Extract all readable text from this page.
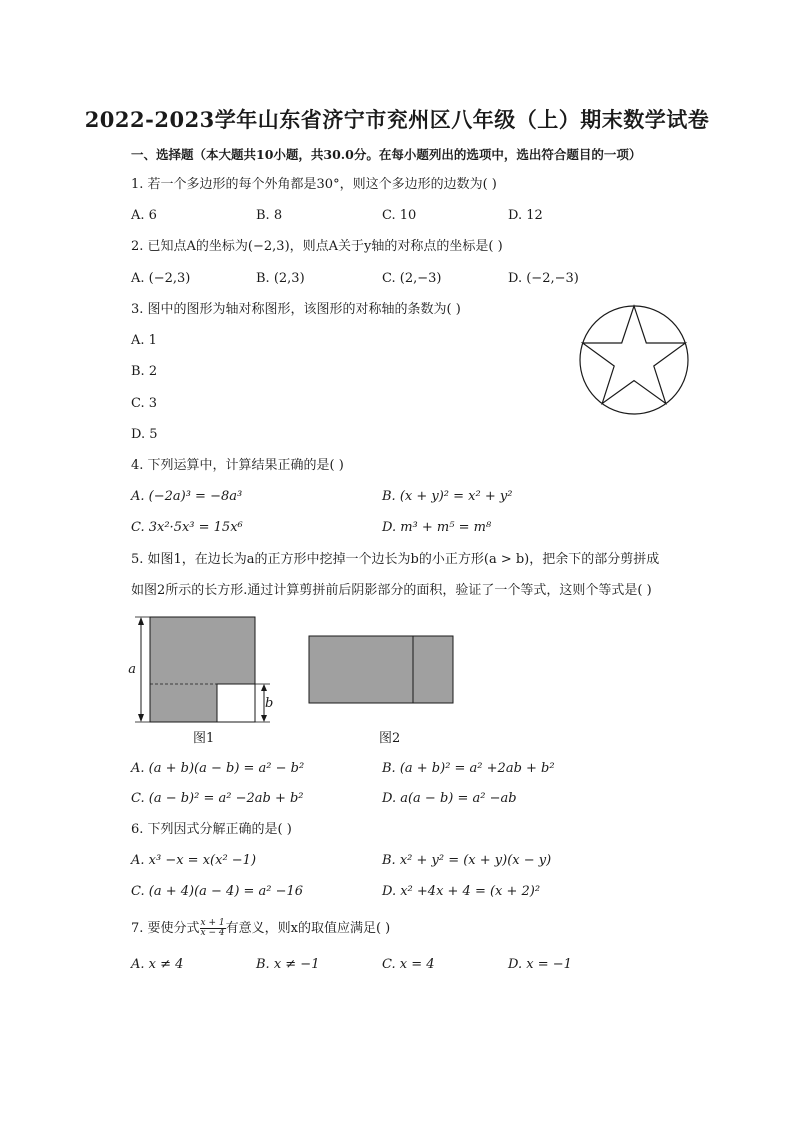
2022-2023学年山东省济宁市兖州区八年级（上）期末数学试卷
一、选择题（本大题共10小题，共30.0分。在每小题列出的选项中，选出符合题目的一项）
1. 若一个多边形的每个外角都是30°，则这个多边形的边数为( )
A. 6	B. 8	C. 10	D. 12
2. 已知点A的坐标为(−2,3)，则点A关于y轴的对称点的坐标是( )
A. (−2,3)	B. (2,3)	C. (2,−3)	D. (−2,−3)
3. 图中的图形为轴对称图形，该图形的对称轴的条数为( )
A. 1
B. 2
C. 3
D. 5
4. 下列运算中，计算结果正确的是( )
A. (−2a)³ = −8a³	B. (x + y)² = x² + y²
C. 3x²·5x³ = 15x⁶	D. m³ + m⁵ = m⁸
5. 如图1，在边长为a的正方形中挖掉一个边长为b的小正方形(a > b)，把余下的部分剪拼成
如图2所示的长方形.通过计算剪拼前后阴影部分的面积，验证了一个等式，这则个等式是( )
a
b
图1	图2
A. (a + b)(a − b) = a² − b²	B. (a + b)² = a² +2ab + b²
C. (a − b)² = a² −2ab + b²	D. a(a − b) = a² −ab
6. 下列因式分解正确的是( )
A. x³ −x = x(x² −1)	B. x² + y² = (x + y)(x − y)
C. (a + 4)(a − 4) = a² −16	D. x² +4x + 4 = (x + 2)²
7. 要使分式 $\frac{x + 1}{x - 4}$ 有意义，则x的取值应满足( )
A. x ≠ 4	B. x ≠ −1	C. x = 4	D. x = −1
